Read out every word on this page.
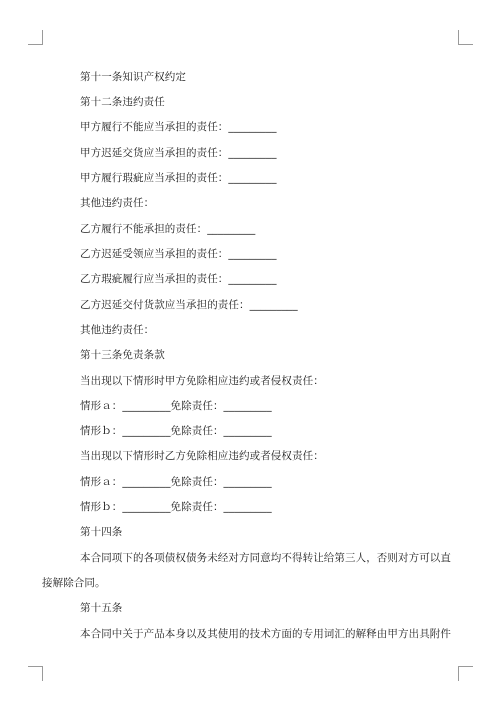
第十一条知识产权约定
第十二条违约责任
甲方履行不能应当承担的责任：_________
甲方迟延交货应当承担的责任：_________
甲方履行瑕疵应当承担的责任：_________
其他违约责任：
乙方履行不能承担的责任：_________
乙方迟延受领应当承担的责任：_________
乙方瑕疵履行应当承担的责任：_________
乙方迟延交付货款应当承担的责任：_________
其他违约责任：
第十三条免责条款
当出现以下情形时甲方免除相应违约或者侵权责任：
情形ａ：_________免除责任：_________
情形ｂ：_________免除责任：_________
当出现以下情形时乙方免除相应违约或者侵权责任：
情形ａ：_________免除责任：_________
情形ｂ：_________免除责任：_________
第十四条
本合同项下的各项债权债务未经对方同意均不得转让给第三人，否则对方可以直
接解除合同。
第十五条
本合同中关于产品本身以及其使用的技术方面的专用词汇的解释由甲方出具附件
